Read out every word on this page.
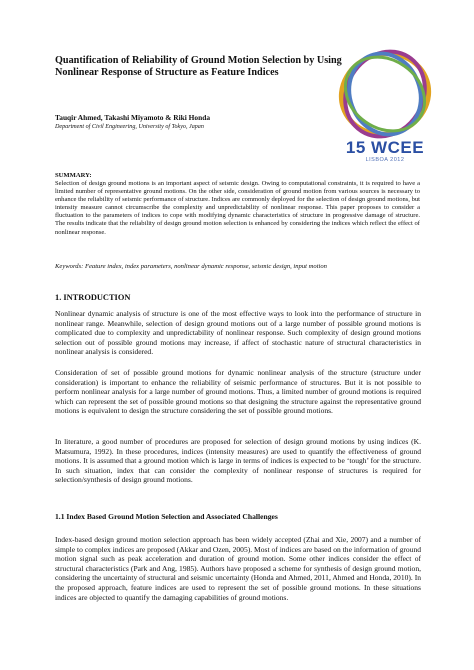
Quantification of Reliability of Ground Motion Selection by Using Nonlinear Response of Structure as Feature Indices
Tauqir Ahmed, Takashi Miyamoto & Riki Honda
Department of Civil Engineering, University of Tokyo, Japan
15 WCEE
LISBOA 2012
SUMMARY:
Selection of design ground motions is an important aspect of seismic design. Owing to computational constraints, it is required to have a limited number of representative ground motions. On the other side, consideration of ground motion from various sources is necessary to enhance the reliability of seismic performance of structure. Indices are commonly deployed for the selection of design ground motions, but intensity measure cannot circumscribe the complexity and unpredictability of nonlinear response. This paper proposes to consider a fluctuation to the parameters of indices to cope with modifying dynamic characteristics of structure in progressive damage of structure. The results indicate that the reliability of design ground motion selection is enhanced by considering the indices which reflect the effect of nonlinear response.
Keywords: Feature index, index parameters, nonlinear dynamic response, seismic design, input motion
1. INTRODUCTION
Nonlinear dynamic analysis of structure is one of the most effective ways to look into the performance of structure in nonlinear range. Meanwhile, selection of design ground motions out of a large number of possible ground motions is complicated due to complexity and unpredictability of nonlinear response. Such complexity of design ground motions selection out of possible ground motions may increase, if affect of stochastic nature of structural characteristics in nonlinear analysis is considered.
Consideration of set of possible ground motions for dynamic nonlinear analysis of the structure (structure under consideration) is important to enhance the reliability of seismic performance of structures. But it is not possible to perform nonlinear analysis for a large number of ground motions. Thus, a limited number of ground motions is required which can represent the set of possible ground motions so that designing the structure against the representative ground motions is equivalent to design the structure considering the set of possible ground motions.
In literature, a good number of procedures are proposed for selection of design ground motions by using indices (K. Matsumura, 1992). In these procedures, indices (intensity measures) are used to quantify the effectiveness of ground motions. It is assumed that a ground motion which is large in terms of indices is expected to be ‘tough’ for the structure. In such situation, index that can consider the complexity of nonlinear response of structures is required for selection/synthesis of design ground motions.
1.1 Index Based Ground Motion Selection and Associated Challenges
Index-based design ground motion selection approach has been widely accepted (Zhai and Xie, 2007) and a number of simple to complex indices are proposed (Akkar and Ozen, 2005). Most of indices are based on the information of ground motion signal such as peak acceleration and duration of ground motion. Some other indices consider the effect of structural characteristics (Park and Ang, 1985). Authors have proposed a scheme for synthesis of design ground motion, considering the uncertainty of structural and seismic uncertainty (Honda and Ahmed, 2011, Ahmed and Honda, 2010). In the proposed approach, feature indices are used to represent the set of possible ground motions. In these situations indices are objected to quantify the damaging capabilities of ground motions.
